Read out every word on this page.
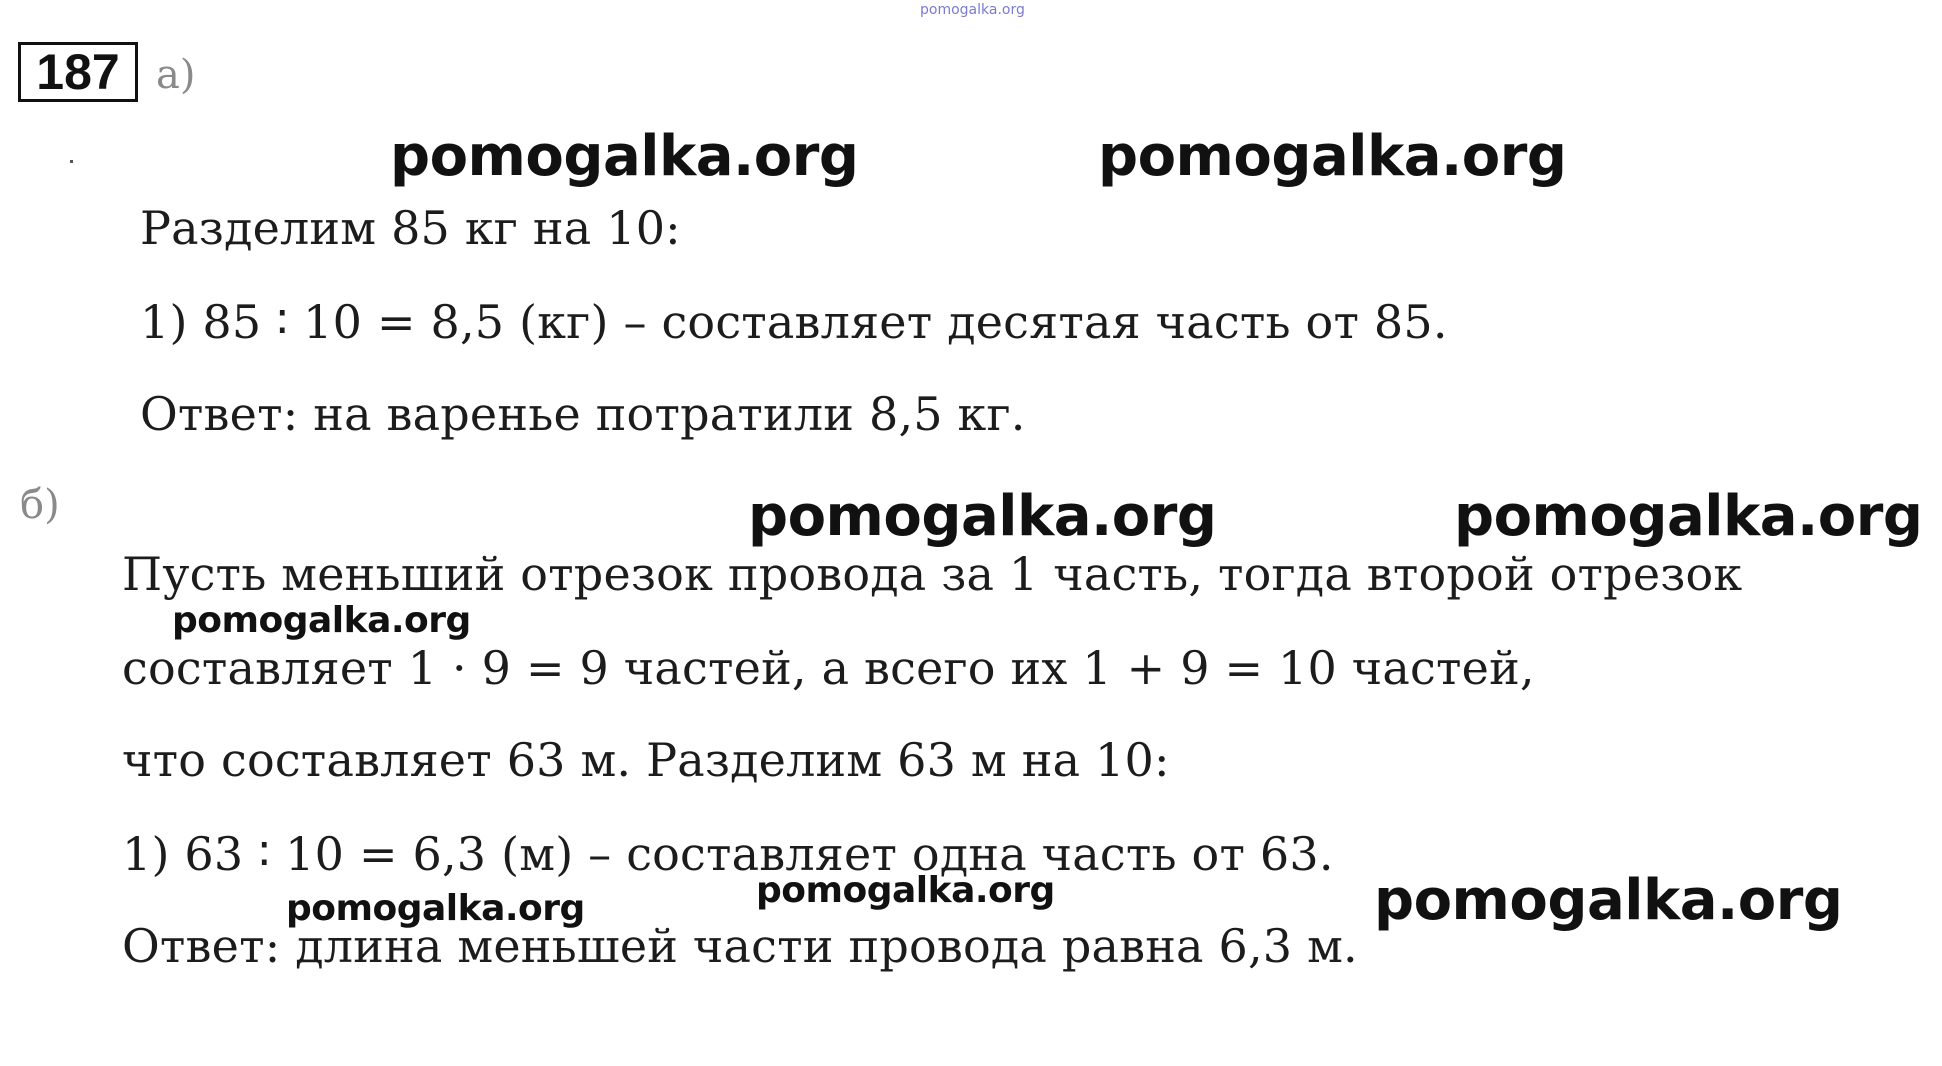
pomogalka.org
187 а)
pomogalka.org	pomogalka.org
Разделим 85 кг на 10:
1) 85 ∶ 10 = 8,5 (кг) – составляет десятая часть от 85.
Ответ: на варенье потратили 8,5 кг.
б)	pomogalka.org	pomogalka.org
Пусть меньший отрезок провода за 1 часть, тогда второй отрезок
pomogalka.org
составляет 1 · 9 = 9 частей, а всего их 1 + 9 = 10 частей,
что составляет 63 м. Разделим 63 м на 10:
1) 63 ∶ 10 = 6,3 (м) – составляет одна часть от 63.
pomogalka.org	pomogalka.org
pomogalka.org
Ответ: длина меньшей части провода равна 6,3 м.
